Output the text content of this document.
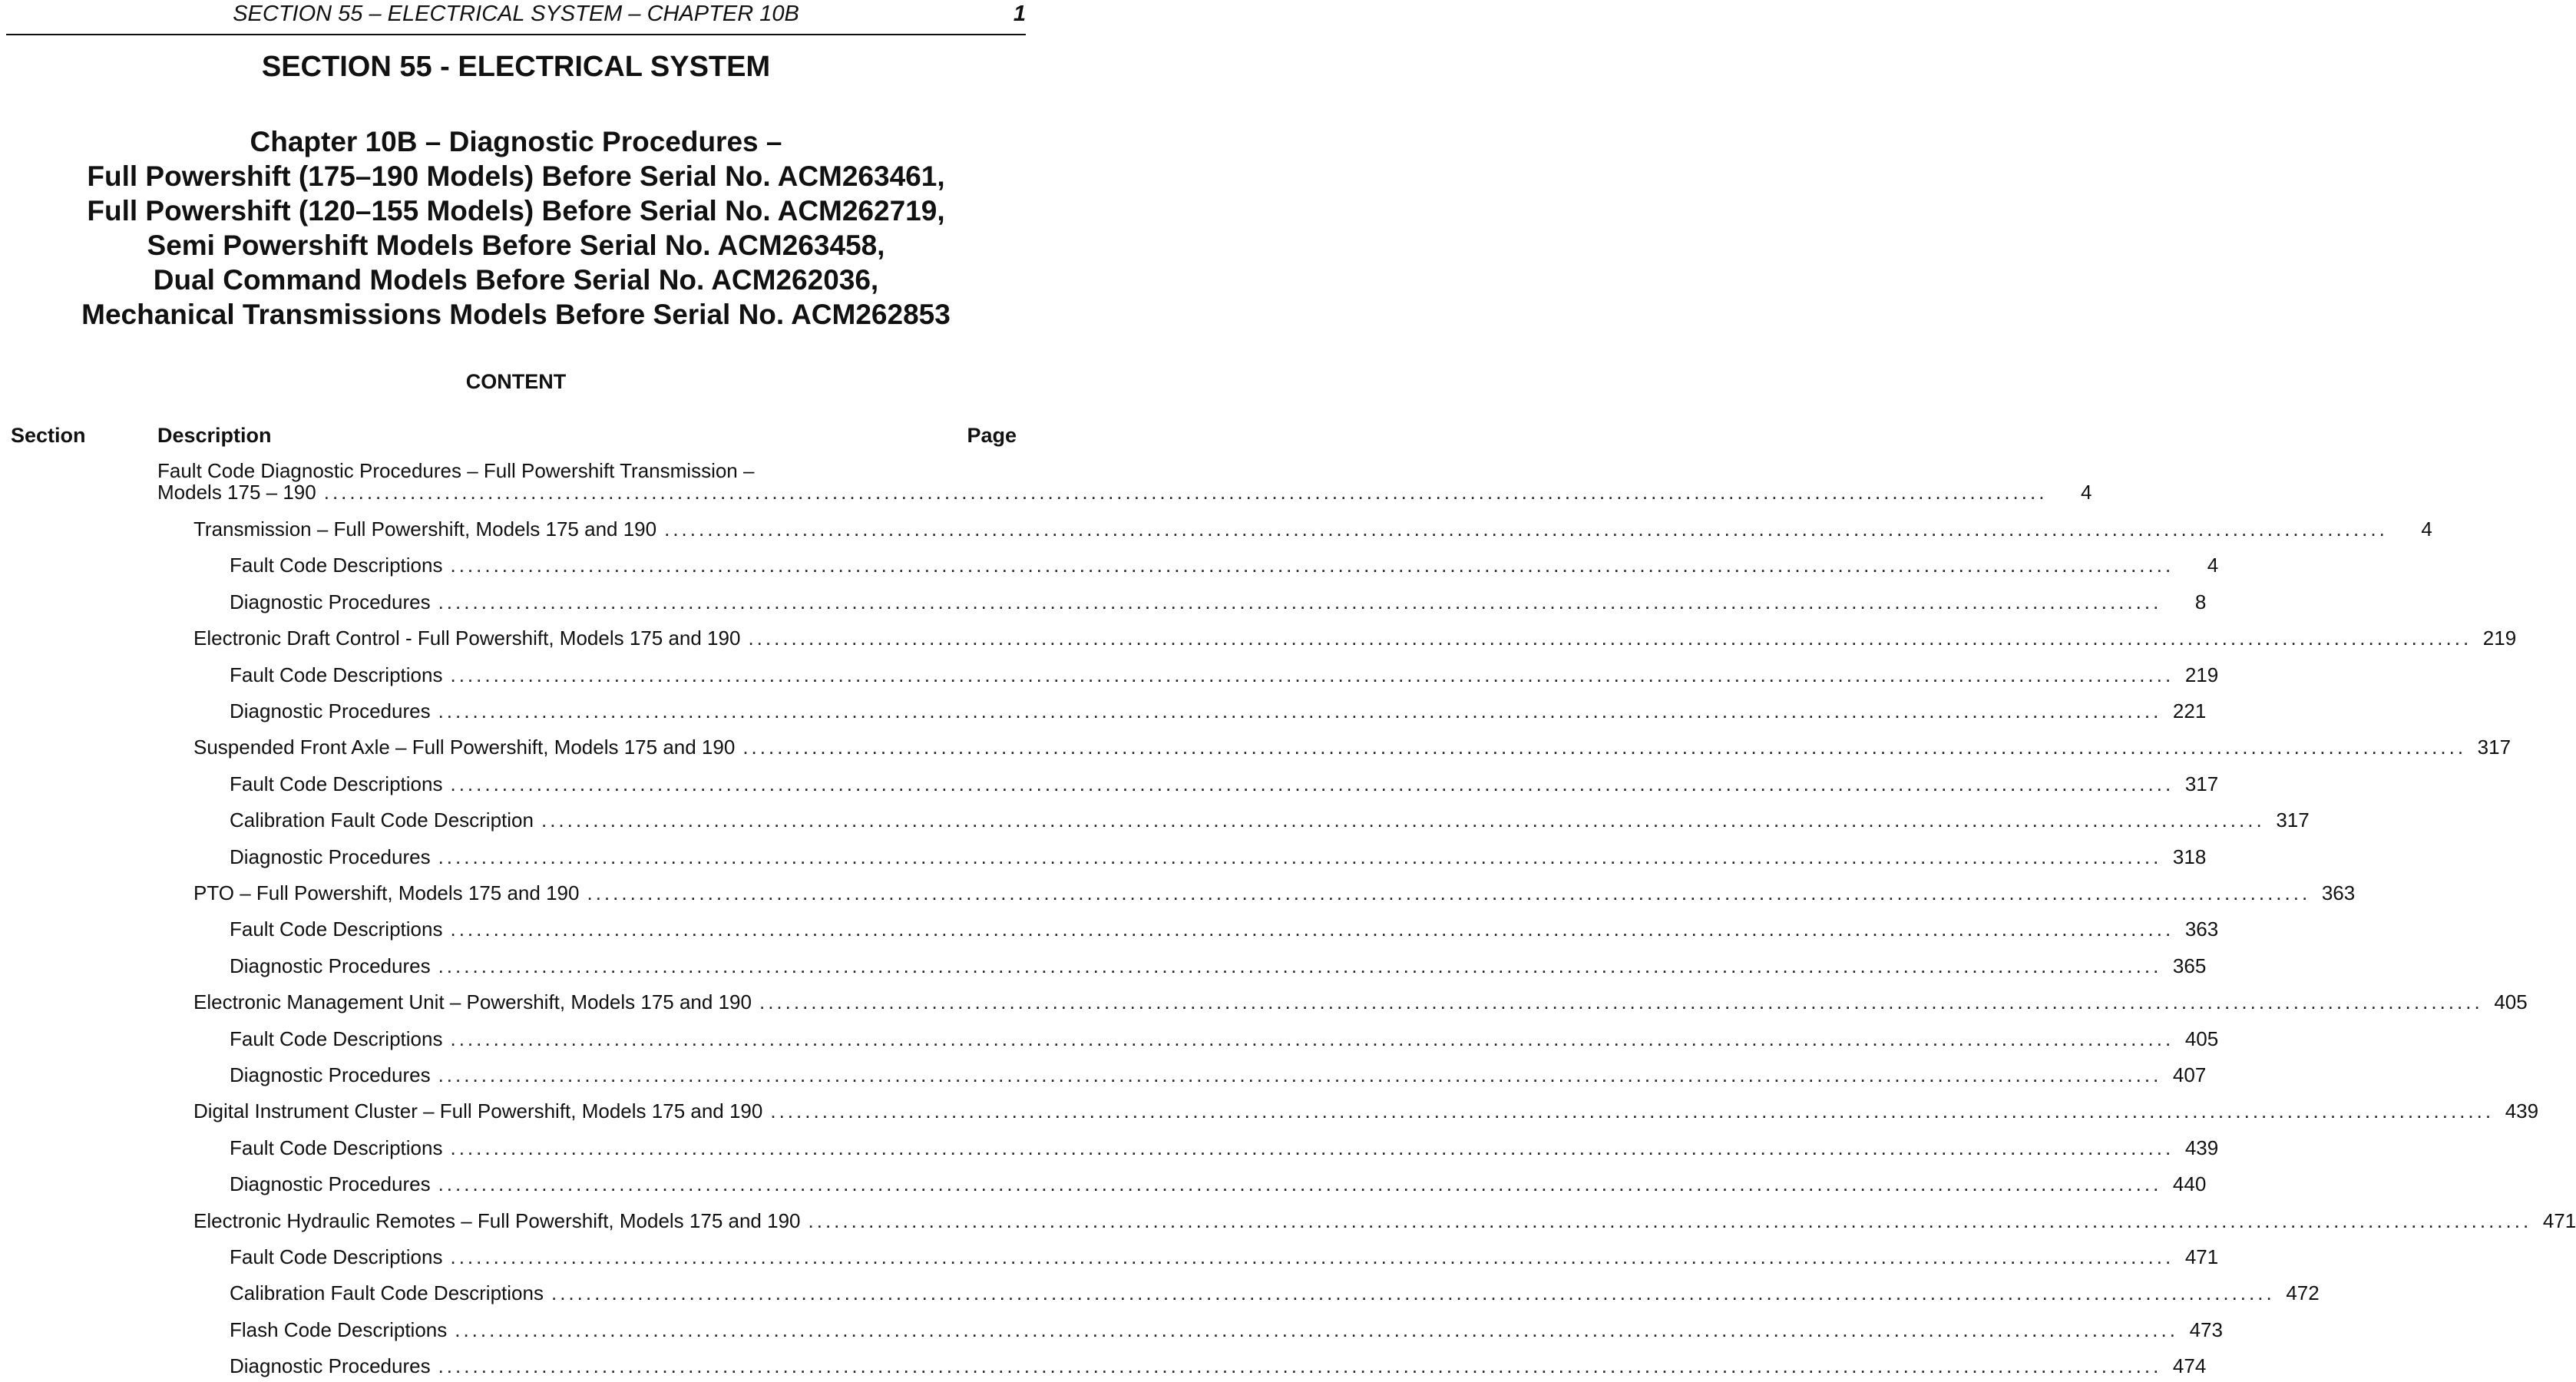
SECTION 55 – ELECTRICAL SYSTEM – CHAPTER 10B	1
SECTION 55 - ELECTRICAL SYSTEM
Chapter 10B – Diagnostic Procedures –
Full Powershift (175–190 Models) Before Serial No. ACM263461,
Full Powershift (120–155 Models) Before Serial No. ACM262719,
Semi Powershift Models Before Serial No. ACM263458,
Dual Command Models Before Serial No. ACM262036,
Mechanical Transmissions Models Before Serial No. ACM262853
CONTENT
Section	Description	Page
Fault Code Diagnostic Procedures – Full Powershift Transmission –
Models 175 – 190 ........................................................................................................................................................................................................	4
Transmission – Full Powershift, Models 175 and 190 ........................................................................................................................................................................................................	4
Fault Code Descriptions ........................................................................................................................................................................................................	4
Diagnostic Procedures ........................................................................................................................................................................................................	8
Electronic Draft Control - Full Powershift, Models 175 and 190 ........................................................................................................................................................................................................ 219
Fault Code Descriptions ........................................................................................................................................................................................................ 219
Diagnostic Procedures ........................................................................................................................................................................................................ 221
Suspended Front Axle – Full Powershift, Models 175 and 190 ........................................................................................................................................................................................................ 317
Fault Code Descriptions ........................................................................................................................................................................................................ 317
Calibration Fault Code Description ........................................................................................................................................................................................................ 317
Diagnostic Procedures ........................................................................................................................................................................................................ 318
PTO – Full Powershift, Models 175 and 190 ........................................................................................................................................................................................................ 363
Fault Code Descriptions ........................................................................................................................................................................................................ 363
Diagnostic Procedures ........................................................................................................................................................................................................ 365
Electronic Management Unit – Powershift, Models 175 and 190 ........................................................................................................................................................................................................ 405
Fault Code Descriptions ........................................................................................................................................................................................................ 405
Diagnostic Procedures ........................................................................................................................................................................................................ 407
Digital Instrument Cluster – Full Powershift, Models 175 and 190 ........................................................................................................................................................................................................ 439
Fault Code Descriptions ........................................................................................................................................................................................................ 439
Diagnostic Procedures ........................................................................................................................................................................................................ 440
Electronic Hydraulic Remotes – Full Powershift, Models 175 and 190 ........................................................................................................................................................................................................ 471
Fault Code Descriptions ........................................................................................................................................................................................................ 471
Calibration Fault Code Descriptions ........................................................................................................................................................................................................ 472
Flash Code Descriptions ........................................................................................................................................................................................................ 473
Diagnostic Procedures ........................................................................................................................................................................................................ 474
